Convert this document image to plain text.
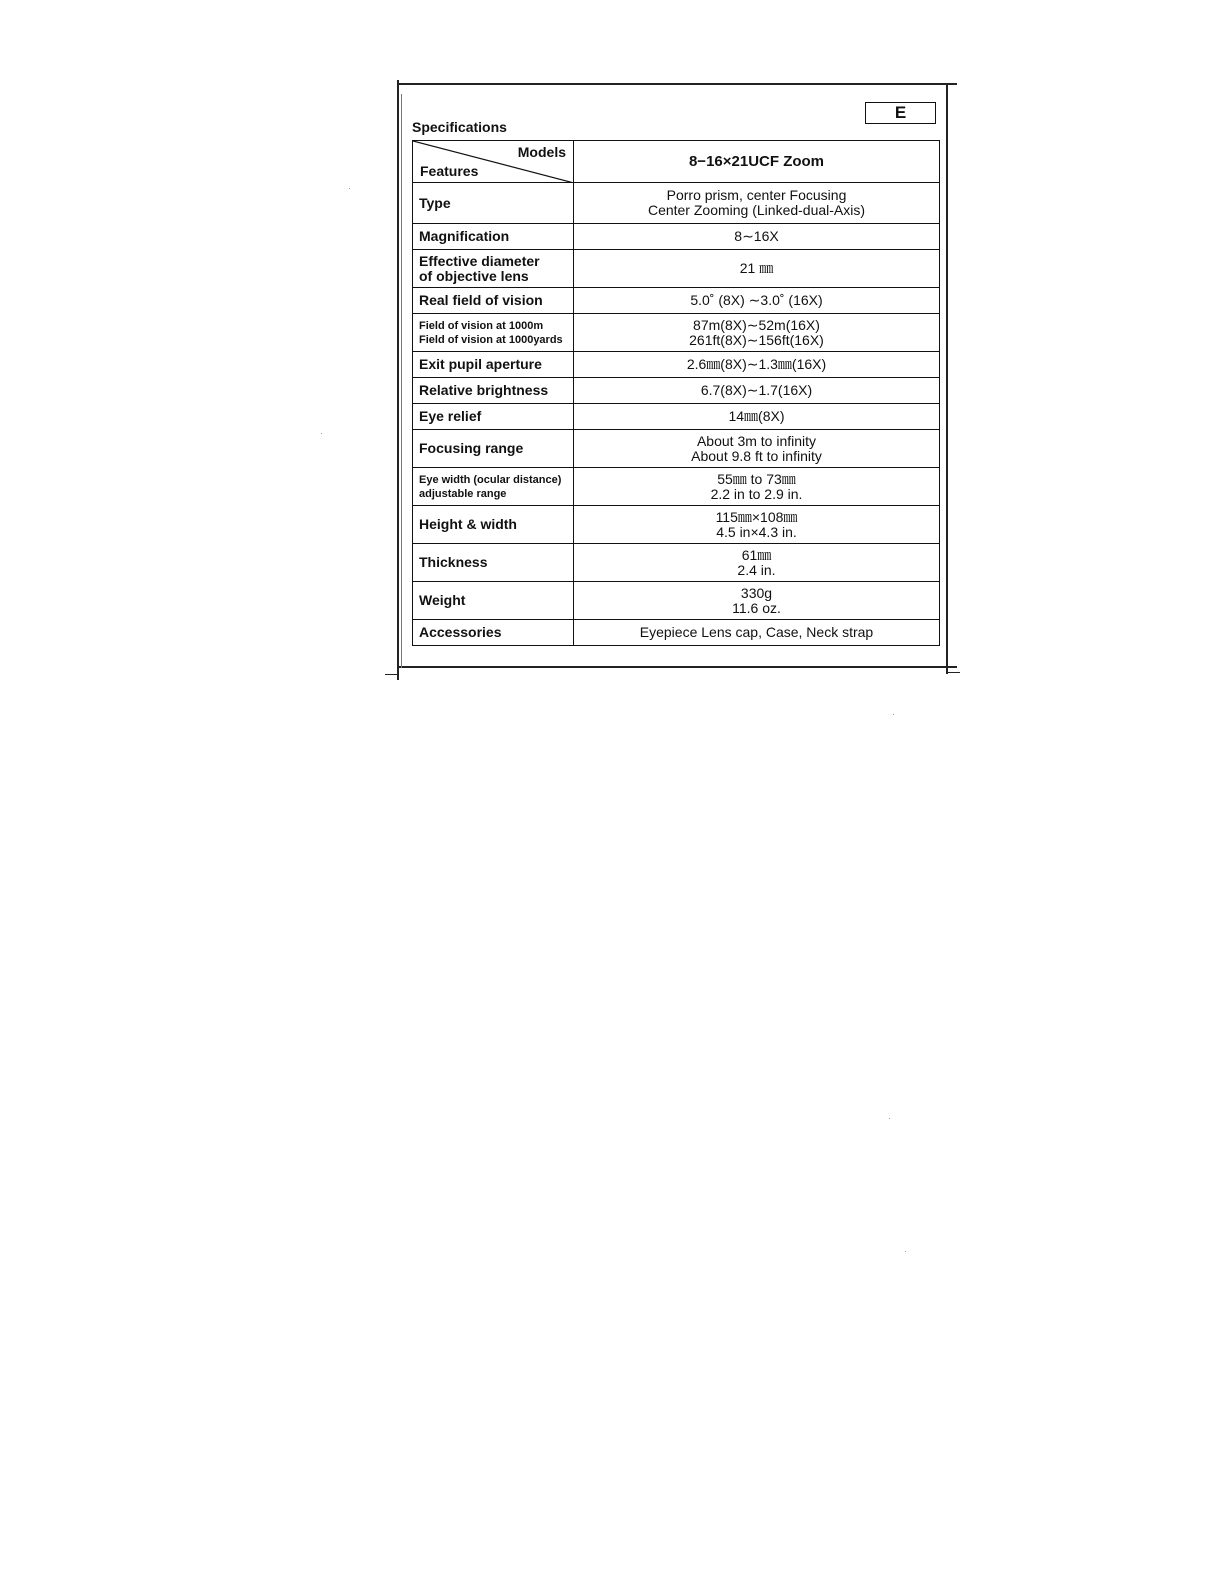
E
Specifications
Models
Features	8−16×21UCF Zoom

Type	Porro prism, center Focusing
Center Zooming (Linked-dual-Axis)

Magnification	8∼16X

Effective diameter
of objective lens	21 ㎜

Real field of vision	5.0˚ (8X) ∼3.0˚ (16X)

Field of vision at 1000m
Field of vision at 1000yards	87m(8X)∼52m(16X)
261ft(8X)∼156ft(16X)

Exit pupil aperture	2.6㎜(8X)∼1.3㎜(16X)

Relative brightness	6.7(8X)∼1.7(16X)

Eye relief	14㎜(8X)

Focusing range	About 3m to infinity
About 9.8 ft to infinity

Eye width (ocular distance)
adjustable range	55㎜ to 73㎜
2.2 in to 2.9 in.

Height & width	115㎜×108㎜
4.5 in×4.3 in.

Thickness	61㎜
2.4 in.

Weight	330g
11.6 oz.

Accessories	Eyepiece Lens cap, Case, Neck strap
